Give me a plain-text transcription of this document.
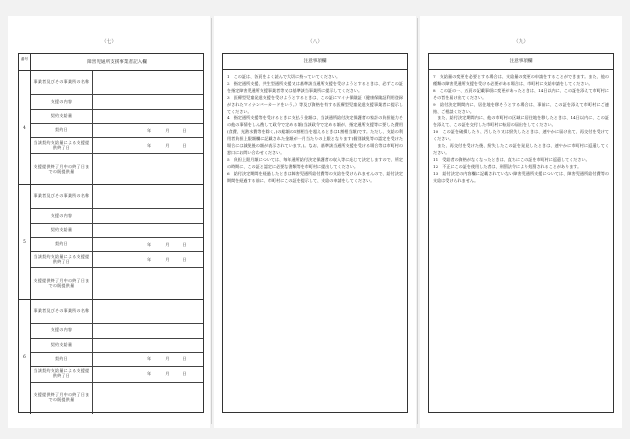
（七）
番号
障害児通所支援事業者記入欄
4
事業者及びその事業所の名称
支援の内容
契約支給量
契約日	年	月	日
当該契約支給量による支援提供終了日	年	月	日
支援提供終了月中の終了日までの既提供量
5
事業者及びその事業所の名称
支援の内容
契約支給量
契約日	年	月	日
当該契約支給量による支援提供終了日	年	月	日
支援提供終了月中の終了日までの既提供量
6
事業者及びその事業所の名称
支援の内容
契約支給量
契約日	年	月	日
当該契約支給量による支援提供終了日	年	月	日
支援提供終了月中の終了日までの既提供量
（八）
注意事項欄

1　この証は、各頁をよく読んで大切に持っていてください。

2　指定通所支援、共生型通所支援又は基準該当通所支援を受けようとするときは、必ずこの証を指定障害児通所支援事業者等又は基準該当事業所に提示してください。

3　医療型児童発達支援を受けようとするときは、この証にマイナ保険証（健康保険証利用登録がされたマイナンバーカードをいう。）等及び資格を有する医療型児童発達支援事業者に提示してください。

4　指定通所支援等を受けるときに支払う金額は、当該通所給付決定保護者の家計の負担能力その他の事情をしん酌して政令で定める額(当該政令で定める額が、指定通所支援等に要した費用(食費、光熱水費等を除く。)の総額の1割相当を超えるときは1割相当額)です。ただし、支給の利用者負担上限額欄に記載された金額が一月当たりの上限となります(個別減免等の認定を受けた場合には減免後の額が表示されています。)。なお、基準該当通所支援を受ける場合等は市町村の窓口にお問い合わせください。

5　負担上限月額については、毎年通所給付決定保護者の収入等に応じて決定しますので、所定の時期に、この証と認定に必要な書類等を市町村に提出してください。

6　給付決定期間を経過したときは障害児通所給付費等の支給を受けられませんので、給付決定期間を経過する前に、市町村にこの証を提示して、支給の申請をしてください。

（九）
注意事項欄

7　支給量の変更を必要とする場合は、支給量の変更の申請をすることができます。また、他の種類の障害児通所支援を受ける必要がある場合は、市町村に支給申請をしてください。

8　この証の一、五頁の記載事項に変更があったときは、14日以内に、この証を添えて市町村にその旨を届け出てください。

9　給付決定期間内に、居住地を移そうとする場合は、事前に、この証を添えて市町村にご連絡、ご相談ください。

　また、給付決定期間内に、他の市町村の区域に居住地を移したときは、14日以内に、この証を添えて、この証を交付した市町村に転居の届出をしてください。

10　この証を破損したり、汚したり又は紛失したときは、速やかに届け出て、再交付を受けてください。

　また、再交付を受けた後、紛失したこの証を発見したときは、速やかに市町村に返還してください。

11　受給者の資格がなくなったときは、直ちにこの証を市町村に返還してください。

12　不正にこの証を使用した者は、刑罰法令により処罰されることがあります。

13　給付決定の内容欄に記載されていない障害児通所支援については、障害児通所給付費等の支給は受けられません。
